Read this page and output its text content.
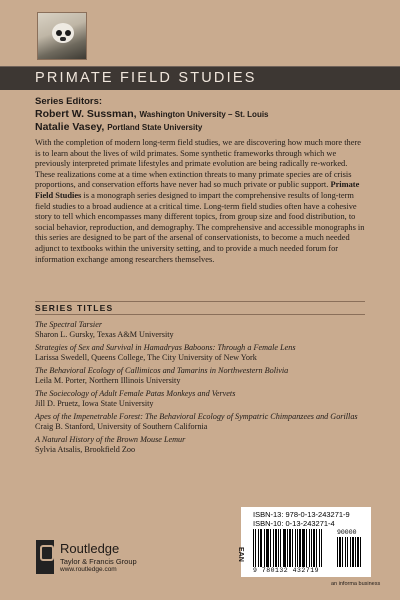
PRIMATE FIELD STUDIES
Series Editors:
Robert W. Sussman, Washington University – St. Louis
Natalie Vasey, Portland State University
With the completion of modern long-term field studies, we are discovering how much more there is to learn about the lives of wild primates. Some synthetic frameworks through which we previously interpreted primate lifestyles and primate evolution are being radically re-worked. These realizations come at a time when extinction threats to many primate species are of crisis proportions, and conservation efforts have never had so much private or public support. Primate Field Studies is a monograph series designed to impart the comprehensive results of long-term field studies to a broad audience at a critical time. Long-term field studies often have a cohesive story to tell which encompasses many different topics, from group size and food distribution, to social behavior, reproduction, and demography. The comprehensive and accessible monographs in this series are designed to be part of the arsenal of conservationists, to become a much needed adjunct to textbooks within the university setting, and to provide a much needed forum for information exchange among researchers themselves.
SERIES TITLES
The Spectral Tarsier
Sharon L. Gursky, Texas A&M University
Strategies of Sex and Survival in Hamadryas Baboons: Through a Female Lens
Larissa Swedell, Queens College, The City University of New York
The Behavioral Ecology of Callimicos and Tamarins in Northwestern Bolivia
Leila M. Porter, Northern Illinois University
The Sociecology of Adult Female Patas Monkeys and Vervets
Jill D. Pruetz, Iowa State University
Apes of the Impenetrable Forest: The Behavioral Ecology of Sympatric Chimpanzees and Gorillas
Craig B. Stanford, University of Southern California
A Natural History of the Brown Mouse Lemur
Sylvia Atsalis, Brookfield Zoo
ISBN-13: 978-0-13-243271-9
ISBN-10: 0-13-243271-4
EAN
9 780132 432719
90000
Routledge
Taylor & Francis Group
www.routledge.com
an informa business
